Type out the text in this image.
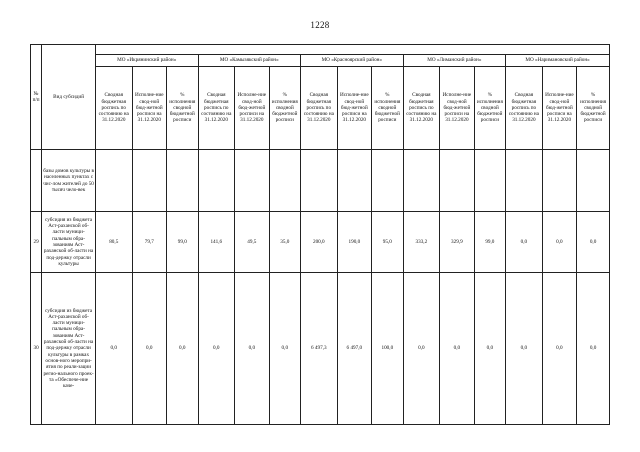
1228
№ п/п	Вид субсидий															
		МО «Икрянинский район»			МО «Камызякский район»			МО «Красноярский район»			МО «Лиманский район»			МО «Наримановский район»		
		Сводная бюджетная роспись по состоянию на 31.12.2020	Исполне-ние свод-ной бюд-жетной росписи на 31.12.2020	% исполнения сводной бюджетной росписи	Сводная бюджетная роспись по состоянию на 31.12.2020	Исполне-ние свод-ной бюд-жетной росписи на 31.12.2020	% исполнения сводной бюджетной росписи	Сводная бюджетная роспись по состоянию на 31.12.2020	Исполне-ние свод-ной бюд-жетной росписи на 31.12.2020	% исполнения сводной бюджетной росписи	Сводная бюджетная роспись по состоянию на 31.12.2020	Исполне-ние свод-ной бюд-жетной росписи на 31.12.2020	% исполнения сводной бюджетной росписи	Сводная бюджетная роспись по состоянию на 31.12.2020	Исполне-ние свод-ной бюд-жетной росписи на 31.12.2020	% исполнения сводной бюджетной росписи
	базы домов культуры в населенных пунктах с чис-лом жителей до 50 тысяч чело-век															
29	субсидия из бюджета Аст-раханской об-ласти муници-пальным обра-зованиям Аст-раханской об-ласти на под-держку отрасли культуры	80,5	79,7	99,0	141,6	49,5	35,0	200,0	190,0	95,0	333,2	329,9	99,0	0,0	0,0	0,0
30	субсидия из бюджета Аст-раханской об-ласти муници-пальным обра-зованиям Аст-раханской об-ласти на под-держку отрасли культуры в рамках основ-ного меропри-ятия по реали-зации регио-нального проек-та «Обеспече-ние каче-	0,0	0,0	0,0	0,0	0,0	0,0	6 497,3	6 497,0	100,0	0,0	0,0	0,0	0,0	0,0	0,0
